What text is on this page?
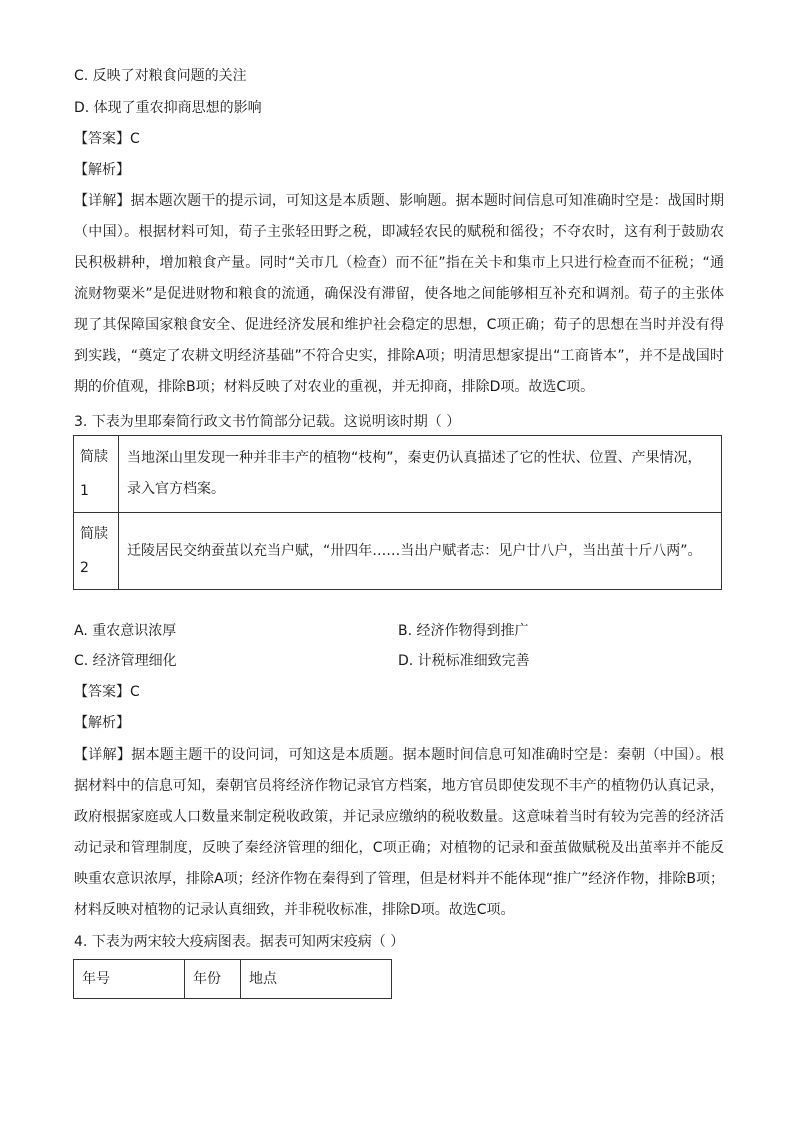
C. 反映了对粮食问题的关注
D. 体现了重农抑商思想的影响
【答案】C
【解析】
【详解】据本题次题干的提示词，可知这是本质题、影响题。据本题时间信息可知准确时空是：战国时期（中国）。根据材料可知，荀子主张轻田野之税，即减轻农民的赋税和徭役；不夺农时，这有利于鼓励农民积极耕种，增加粮食产量。同时“关市几（检查）而不征”指在关卡和集市上只进行检查而不征税；“通流财物粟米”是促进财物和粮食的流通，确保没有滞留，使各地之间能够相互补充和调剂。荀子的主张体现了其保障国家粮食安全、促进经济发展和维护社会稳定的思想，C项正确；荀子的思想在当时并没有得到实践，“奠定了农耕文明经济基础”不符合史实，排除A项；明清思想家提出“工商皆本”，并不是战国时期的价值观，排除B项；材料反映了对农业的重视，并无抑商，排除D项。故选C项。
3. 下表为里耶秦简行政文书竹简部分记载。这说明该时期（ ）
简牍1	当地深山里发现一种并非丰产的植物“枝枸”，秦吏仍认真描述了它的性状、位置、产果情况，录入官方档案。
简牍2	迁陵居民交纳蚕茧以充当户赋，“卅四年……当出户赋者志：见户廿八户，当出茧十斤八两”。
A. 重农意识浓厚	B. 经济作物得到推广
C. 经济管理细化	D. 计税标准细致完善
【答案】C
【解析】
【详解】据本题主题干的设问词，可知这是本质题。据本题时间信息可知准确时空是：秦朝（中国）。根据材料中的信息可知，秦朝官员将经济作物记录官方档案，地方官员即使发现不丰产的植物仍认真记录，政府根据家庭或人口数量来制定税收政策，并记录应缴纳的税收数量。这意味着当时有较为完善的经济活动记录和管理制度，反映了秦经济管理的细化，C项正确；对植物的记录和蚕茧做赋税及出茧率并不能反映重农意识浓厚，排除A项；经济作物在秦得到了管理，但是材料并不能体现“推广”经济作物，排除B项；材料反映对植物的记录认真细致，并非税收标准，排除D项。故选C项。
4. 下表为两宋较大疫病图表。据表可知两宋疫病（ ）
年号	年份	地点
